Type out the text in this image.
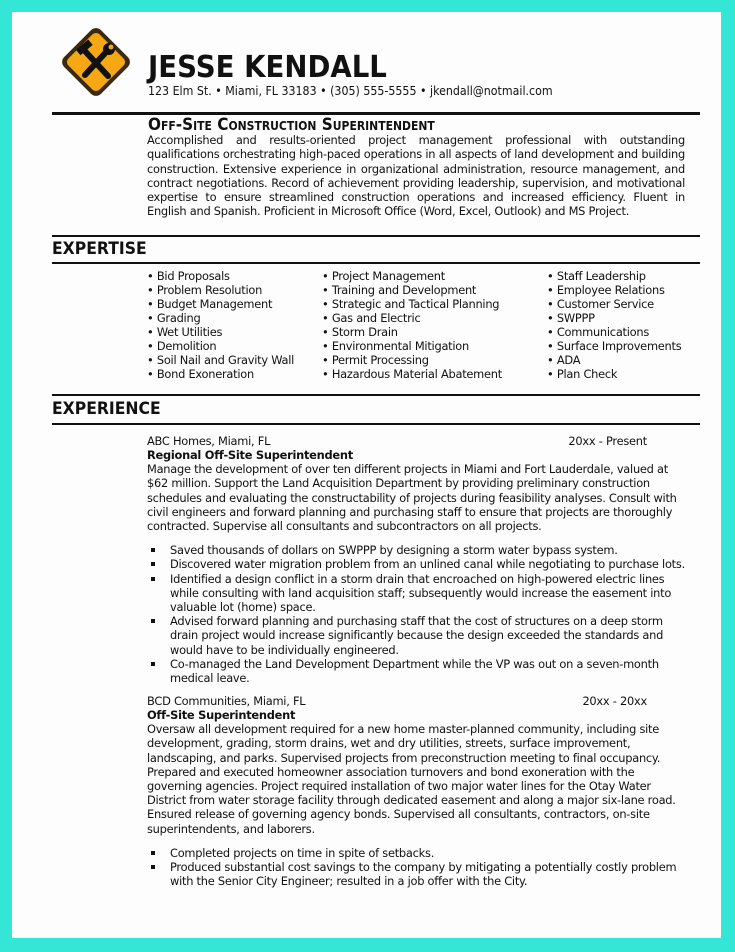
JESSE KENDALL
123 Elm St. • Miami, FL 33183 • (305) 555-5555 • jkendall@notmail.com
Off-Site Construction Superintendent
Accomplished and results-oriented project management professional with outstanding qualifications orchestrating high-paced operations in all aspects of land development and building construction. Extensive experience in organizational administration, resource management, and contract negotiations. Record of achievement providing leadership, supervision, and motivational expertise to ensure streamlined construction operations and increased efficiency. Fluent in English and Spanish. Proficient in Microsoft Office (Word, Excel, Outlook) and MS Project.
EXPERTISE
• Bid Proposals
• Problem Resolution
• Budget Management
• Grading
• Wet Utilities
• Demolition
• Soil Nail and Gravity Wall
• Bond Exoneration
• Project Management
• Training and Development
• Strategic and Tactical Planning
• Gas and Electric
• Storm Drain
• Environmental Mitigation
• Permit Processing
• Hazardous Material Abatement
• Staff Leadership
• Employee Relations
• Customer Service
• SWPPP
• Communications
• Surface Improvements
• ADA
• Plan Check
EXPERIENCE
ABC Homes, Miami, FL	20xx - Present
Regional Off-Site Superintendent
Manage the development of over ten different projects in Miami and Fort Lauderdale, valued at $62 million. Support the Land Acquisition Department by providing preliminary construction schedules and evaluating the constructability of projects during feasibility analyses. Consult with civil engineers and forward planning and purchasing staff to ensure that projects are thoroughly contracted. Supervise all consultants and subcontractors on all projects.
Saved thousands of dollars on SWPPP by designing a storm water bypass system.
Discovered water migration problem from an unlined canal while negotiating to purchase lots.
Identified a design conflict in a storm drain that encroached on high-powered electric lines while consulting with land acquisition staff; subsequently would increase the easement into valuable lot (home) space.
Advised forward planning and purchasing staff that the cost of structures on a deep storm drain project would increase significantly because the design exceeded the standards and would have to be individually engineered.
Co-managed the Land Development Department while the VP was out on a seven-month medical leave.
BCD Communities, Miami, FL	20xx - 20xx
Off-Site Superintendent
Oversaw all development required for a new home master-planned community, including site development, grading, storm drains, wet and dry utilities, streets, surface improvement, landscaping, and parks. Supervised projects from preconstruction meeting to final occupancy. Prepared and executed homeowner association turnovers and bond exoneration with the governing agencies. Project required installation of two major water lines for the Otay Water District from water storage facility through dedicated easement and along a major six-lane road. Ensured release of governing agency bonds. Supervised all consultants, contractors, on-site superintendents, and laborers.
Completed projects on time in spite of setbacks.
Produced substantial cost savings to the company by mitigating a potentially costly problem with the Senior City Engineer; resulted in a job offer with the City.
